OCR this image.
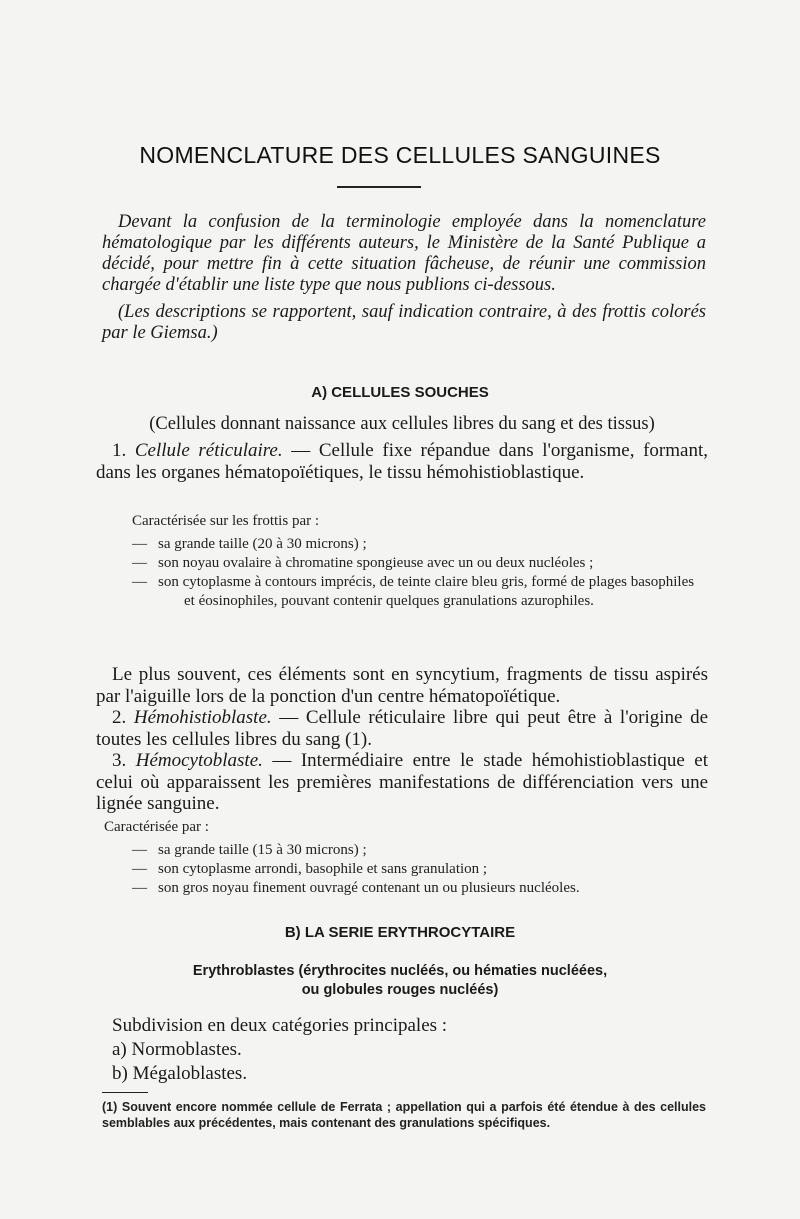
NOMENCLATURE DES CELLULES SANGUINES

Devant la confusion de la terminologie employée dans la nomenclature hématologique par les différents auteurs, le Ministère de la Santé Publique a décidé, pour mettre fin à cette situation fâcheuse, de réunir une commission chargée d'établir une liste type que nous publions ci-dessous.

(Les descriptions se rapportent, sauf indication contraire, à des frottis colorés par le Giemsa.)

A) CELLULES SOUCHES
(Cellules donnant naissance aux cellules libres du sang et des tissus)

1. Cellule réticulaire. — Cellule fixe répandue dans l'organisme, formant, dans les organes hématopoïétiques, le tissu hémohistioblastique.

Caractérisée sur les frottis par :

— sa grande taille (20 à 30 microns) ;

— son noyau ovalaire à chromatine spongieuse avec un ou deux nucléoles ;

— son cytoplasme à contours imprécis, de teinte claire bleu gris, formé de plages basophiles et éosinophiles, pouvant contenir quelques granulations azurophiles.

Le plus souvent, ces éléments sont en syncytium, fragments de tissu aspirés par l'aiguille lors de la ponction d'un centre hématopoïétique.

2. Hémohistioblaste. — Cellule réticulaire libre qui peut être à l'origine de toutes les cellules libres du sang (1).

3. Hémocytoblaste. — Intermédiaire entre le stade hémohistioblastique et celui où apparaissent les premières manifestations de différenciation vers une lignée sanguine.

Caractérisée par :

— sa grande taille (15 à 30 microns) ;

— son cytoplasme arrondi, basophile et sans granulation ;

— son gros noyau finement ouvragé contenant un ou plusieurs nucléoles.

B) LA SERIE ERYTHROCYTAIRE
Erythroblastes (érythrocites nucléés, ou hématies nucléées,
ou globules rouges nucléés)

Subdivision en deux catégories principales :

a) Normoblastes.

b) Mégaloblastes.

(1) Souvent encore nommée cellule de Ferrata ; appellation qui a parfois été étendue à des cellules semblables aux précédentes, mais contenant des granulations spécifiques.
